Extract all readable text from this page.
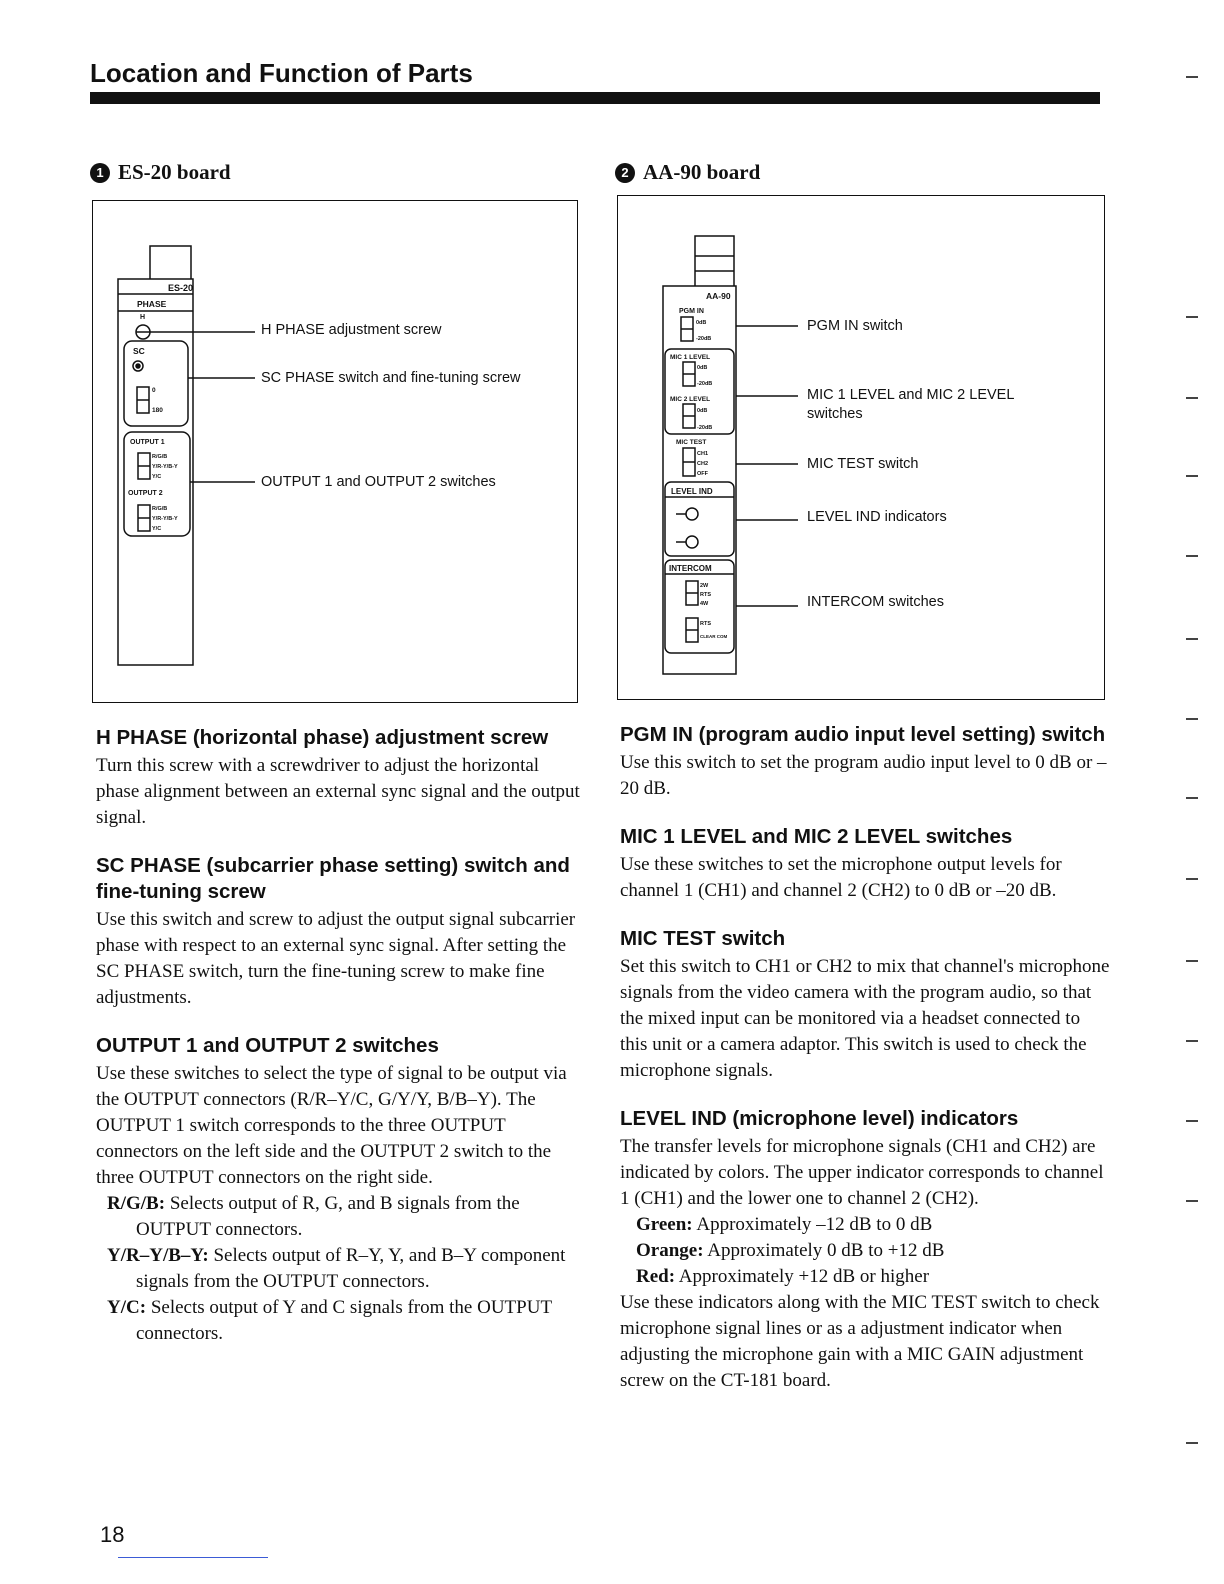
Location and Function of Parts
1 ES-20 board	2 AA-90 board
ES-20
PHASE
H
SC
0
180
OUTPUT 1
R/G/B
Y/R-Y/B-Y
Y/C
OUTPUT 2
R/G/B
Y/R-Y/B-Y
Y/C
H PHASE adjustment screw
SC PHASE switch and fine-tuning screw
OUTPUT 1 and OUTPUT 2 switches
AA-90
PGM IN
0dB
-20dB
MIC 1 LEVEL
0dB
-20dB
MIC 2 LEVEL
0dB
-20dB
MIC TEST
CH1
CH2
OFF
LEVEL IND
INTERCOM
2W
RTS
4W
RTS
CLEAR COM
PGM IN switch
MIC 1 LEVEL and MIC 2 LEVEL switches
MIC TEST switch
LEVEL IND indicators
INTERCOM switches
H PHASE (horizontal phase) adjustment screw

Turn this screw with a screwdriver to adjust the horizontal phase alignment between an external sync signal and the output signal.

SC PHASE (subcarrier phase setting) switch and fine-tuning screw

Use this switch and screw to adjust the output signal subcarrier phase with respect to an external sync signal. After setting the SC PHASE switch, turn the fine-tuning screw to make fine adjustments.

OUTPUT 1 and OUTPUT 2 switches

Use these switches to select the type of signal to be output via the OUTPUT connectors (R/R–Y/C, G/Y/Y, B/B–Y). The OUTPUT 1 switch corresponds to the three OUTPUT connectors on the left side and the OUTPUT 2 switch to the three OUTPUT connectors on the right side.

R/G/B: Selects output of R, G, and B signals from the OUTPUT connectors.

Y/R–Y/B–Y: Selects output of R–Y, Y, and B–Y component signals from the OUTPUT connectors.

Y/C: Selects output of Y and C signals from the OUTPUT connectors.

PGM IN (program audio input level setting) switch

Use this switch to set the program audio input level to 0 dB or –20 dB.

MIC 1 LEVEL and MIC 2 LEVEL switches

Use these switches to set the microphone output levels for channel 1 (CH1) and channel 2 (CH2) to 0 dB or –20 dB.

MIC TEST switch

Set this switch to CH1 or CH2 to mix that channel's microphone signals from the video camera with the program audio, so that the mixed input can be monitored via a headset connected to this unit or a camera adaptor. This switch is used to check the microphone signals.

LEVEL IND (microphone level) indicators

The transfer levels for microphone signals (CH1 and CH2) are indicated by colors. The upper indicator corresponds to channel 1 (CH1) and the lower one to channel 2 (CH2).

Green: Approximately –12 dB to 0 dB

Orange: Approximately 0 dB to +12 dB

Red: Approximately +12 dB or higher

Use these indicators along with the MIC TEST switch to check microphone signal lines or as a adjustment indicator when adjusting the microphone gain with a MIC GAIN adjustment screw on the CT-181 board.

18
